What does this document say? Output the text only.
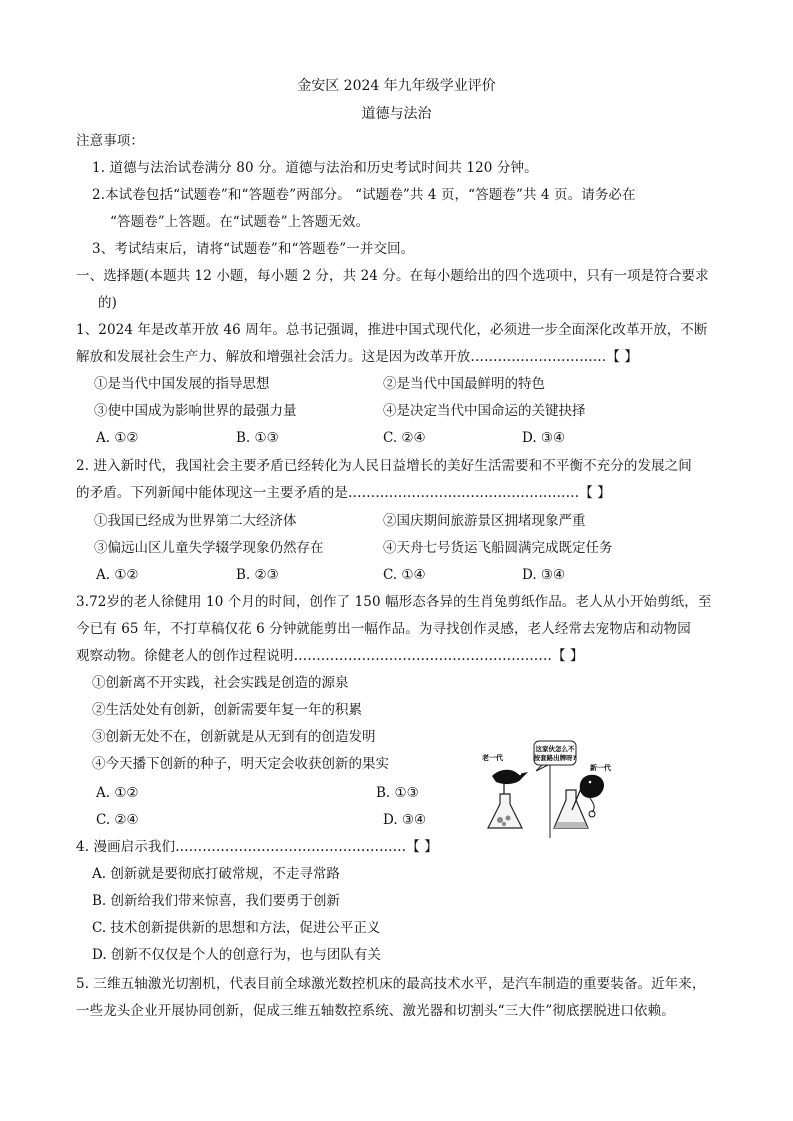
金安区 2024 年九年级学业评价
道德与法治
注意事项：
1. 道德与法治试卷满分 80 分。道德与法治和历史考试时间共 120 分钟。
2.本试卷包括“试题卷”和“答题卷”两部分。 “试题卷”共 4 页，“答题卷”共 4 页。请务必在
“答题卷”上答题。在“试题卷”上答题无效。
3、考试结束后，请将“试题卷”和“答题卷”一并交回。
一、选择题(本题共 12 小题，每小题 2 分，共 24 分。在每小题给出的四个选项中，只有一项是符合要求
的)
1、2024 年是改革开放 46 周年。总书记强调，推进中国式现代化，必须进一步全面深化改革开放，不断
解放和发展社会生产力、解放和增强社会活力。这是因为改革开放…………………………【 】
①是当代中国发展的指导思想	②是当代中国最鲜明的特色
③使中国成为影响世界的最强力量	④是决定当代中国命运的关键抉择
A. ①②	B. ①③	C. ②④	D. ③④
2. 进入新时代，我国社会主要矛盾已经转化为人民日益增长的美好生活需要和不平衡不充分的发展之间
的矛盾。下列新闻中能体现这一主要矛盾的是……………………………………………【 】
①我国已经成为世界第二大经济体	②国庆期间旅游景区拥堵现象严重
③偏远山区儿童失学辍学现象仍然存在	④天舟七号货运飞船圆满完成既定任务
A. ①②	B. ②③	C. ①④	D. ③④
3.72岁的老人徐健用 10 个月的时间，创作了 150 幅形态各异的生肖兔剪纸作品。老人从小开始剪纸，至
今已有 65 年，不打草稿仅花 6 分钟就能剪出一幅作品。为寻找创作灵感，老人经常去宠物店和动物园
观察动物。徐健老人的创作过程说明…………………………………………………【 】
①创新离不开实践，社会实践是创造的源泉
②生活处处有创新，创新需要年复一年的积累
③创新无处不在，创新就是从无到有的创造发明
④今天播下创新的种子，明天定会收获创新的果实
A. ①②	B. ①③
C. ②④	D. ③④
这家伙怎么不
按套路出牌呀?
老一代
新一代
4. 漫画启示我们……………………………………………【 】
A. 创新就是要彻底打破常规，不走寻常路
B. 创新给我们带来惊喜，我们要勇于创新
C. 技术创新提供新的思想和方法，促进公平正义
D. 创新不仅仅是个人的创意行为，也与团队有关
5. 三维五轴激光切割机，代表目前全球激光数控机床的最高技术水平，是汽车制造的重要装备。近年来，
一些龙头企业开展协同创新，促成三维五轴数控系统、激光器和切割头“三大件”彻底摆脱进口依赖。
